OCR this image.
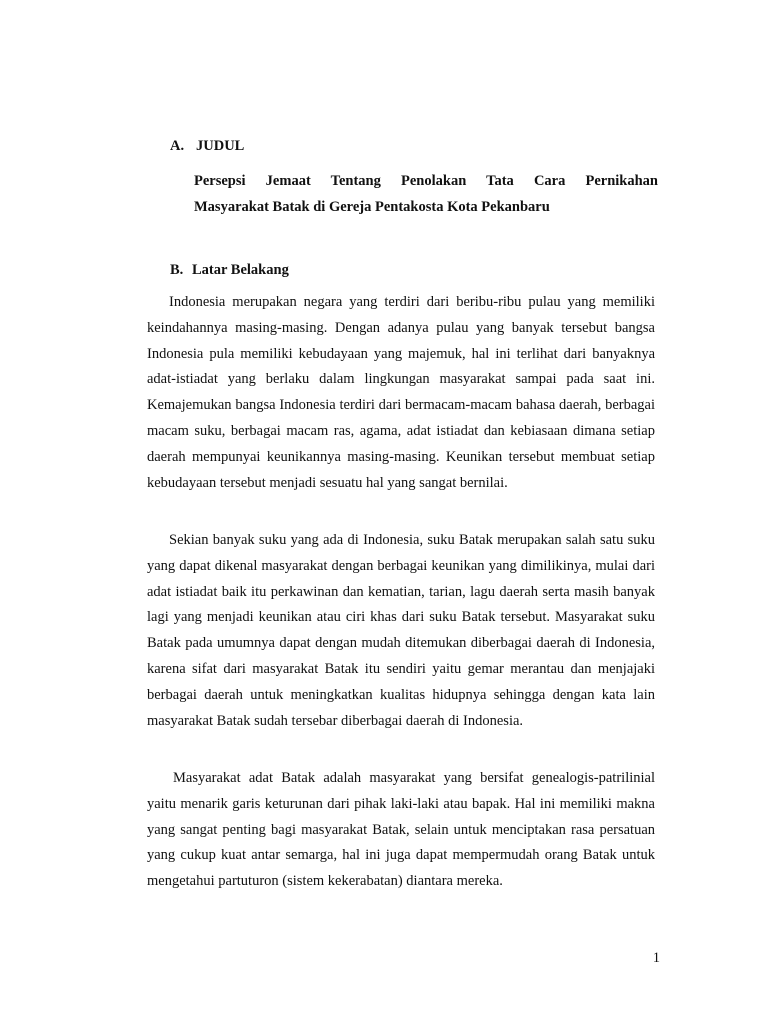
A. JUDUL
Persepsi Jemaat Tentang Penolakan Tata Cara Pernikahan
Masyarakat Batak di Gereja Pentakosta Kota Pekanbaru
B. Latar Belakang

Indonesia merupakan negara yang terdiri dari beribu-ribu pulau yang memiliki keindahannya masing-masing. Dengan adanya pulau yang banyak tersebut bangsa Indonesia pula memiliki kebudayaan yang majemuk, hal ini terlihat dari banyaknya adat-istiadat yang berlaku dalam lingkungan masyarakat sampai pada saat ini. Kemajemukan bangsa Indonesia terdiri dari bermacam-macam bahasa daerah, berbagai macam suku, berbagai macam ras, agama, adat istiadat dan kebiasaan dimana setiap daerah mempunyai keunikannya masing-masing. Keunikan tersebut membuat setiap kebudayaan tersebut menjadi sesuatu hal yang sangat bernilai.

Sekian banyak suku yang ada di Indonesia, suku Batak merupakan salah satu suku yang dapat dikenal masyarakat dengan berbagai keunikan yang dimilikinya, mulai dari adat istiadat baik itu perkawinan dan kematian, tarian, lagu daerah serta masih banyak lagi yang menjadi keunikan atau ciri khas dari suku Batak tersebut. Masyarakat suku Batak pada umumnya dapat dengan mudah ditemukan diberbagai daerah di Indonesia, karena sifat dari masyarakat Batak itu sendiri yaitu gemar merantau dan menjajaki berbagai daerah untuk meningkatkan kualitas hidupnya sehingga dengan kata lain masyarakat Batak sudah tersebar diberbagai daerah di Indonesia.

Masyarakat adat Batak adalah masyarakat yang bersifat genealogis-patrilinial yaitu menarik garis keturunan dari pihak laki-laki atau bapak. Hal ini memiliki makna yang sangat penting bagi masyarakat Batak, selain untuk menciptakan rasa persatuan yang cukup kuat antar semarga, hal ini juga dapat mempermudah orang Batak untuk mengetahui partuturon (sistem kekerabatan) diantara mereka.

1
